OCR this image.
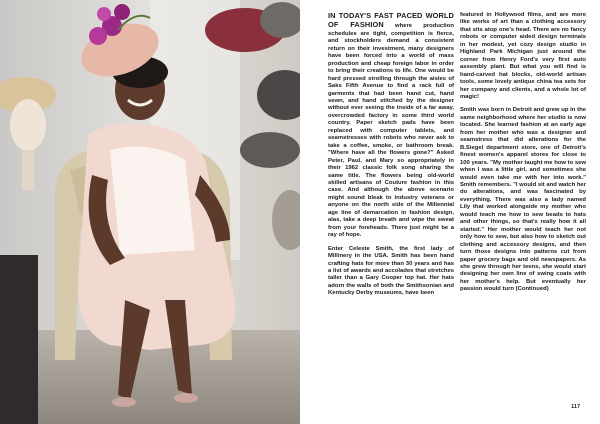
IN TODAY'S FAST PACED WORLD OF FASHION where production schedules are tight, competition is fierce, and stockholders demand a consistent return on their investment, many designers have been forced into a world of mass production and cheap foreign labor in order to bring their creations to life. One would be hard pressed strolling through the aisles of Saks Fifth Avenue to find a rack full of garments that had been hand cut, hand sewn, and hand stitched by the designer without ever seeing the inside of a far away, overcrowded factory in some third world country. Paper sketch pads have been replaced with computer tablets, and seamstresses with robots who never ask to take a coffee, smoke, or bathroom break. "Where have all the flowers gone?" Asked Peter, Paul, and Mary so appropriately in their 1962 classic folk song sharing the same title. The flowers being old-world skilled artisans of Couture fashion in this case. And although the above scenario might sound bleak to industry veterans or anyone on the north side of the Millennial age line of demarcation in fashion design, alas, take a deep breath and wipe the sweat from your foreheads. There just might be a ray of hope.

Enter Celeste Smith, the first lady of Millinery in the USA. Smith has been hand crafting hats for more than 30 years and has a list of awards and accolades that stretches taller than a Gary Cooper top hat. Her hats adorn the walls of both the Smithsonian and Kentucky Derby museums, have been

featured in Hollywood films, and are more like works of art than a clothing accessory that sits atop one's head. There are no fancy robots or computer aided design terminals in her modest, yet cozy design studio in Highland Park Michigan just around the corner from Henry Ford's very first auto assembly plant. But what you will find is hand-carved hat blocks, old-world artisan tools, some lovely antique china tea sets for her company and clients, and a whole lot of magic!

Smith was born in Detroit and grew up in the same neighborhood where her studio is now located. She learned fashion at an early age from her mother who was a designer and seamstress that did alterations for the B.Siegel department store, one of Detroit's finest women's apparel stores for close to 100 years. "My mother taught me how to sew when I was a little girl, and sometimes she would even take me with her into work." Smith remembers. "I would sit and watch her do alterations, and was fascinated by everything. There was also a lady named Lily that worked alongside my mother who would teach me how to sew beads to hats and other things, so that's really how it all started." Her mother would teach her not only how to sew, but also how to sketch out clothing and accessory designs, and then turn those designs into patterns cut from paper grocery bags and old newspapers. As she grew through her teens, she would start designing her own line of swing coats with her mother's help. But eventually her passion would turn (Continued)

117
